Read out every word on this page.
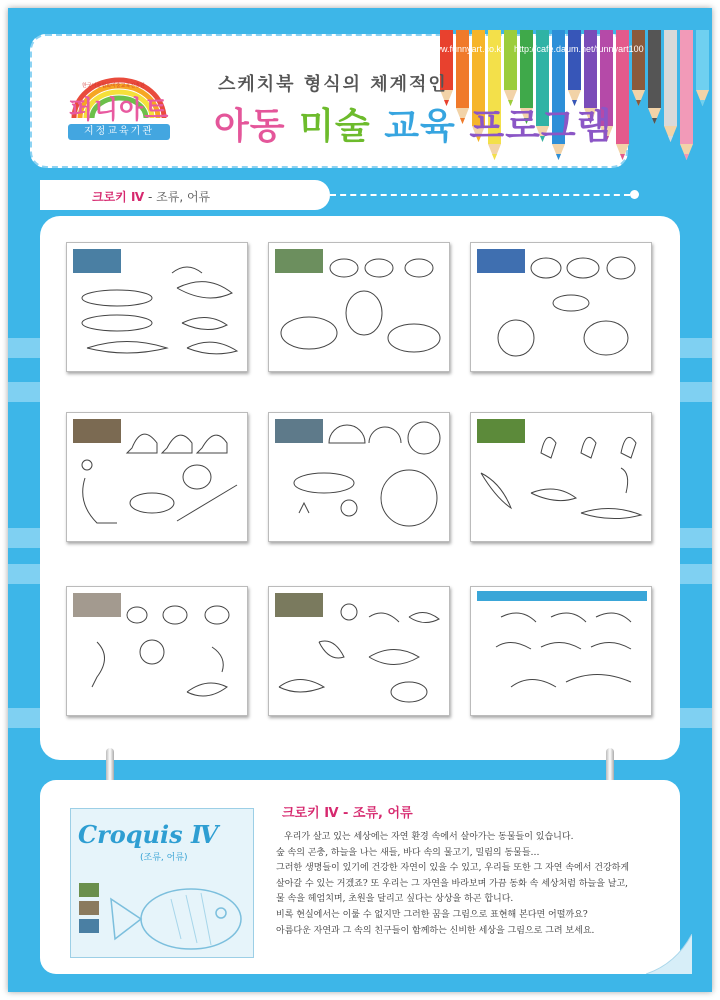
www.funnyart.co.kr http://cafe.daum.net/funnyart100
한국미술협회미술교육진흥원
퍼니아트
지정교육기관
스케치북 형식의 체계적인
아동 미술 교육 프로그램
크로키 Ⅳ - 조류, 어류
Croquis Ⅳ
(조류, 어류)
크로키 Ⅳ - 조류, 어류

우리가 살고 있는 세상에는 자연 환경 속에서 살아가는 동물들이 있습니다.

숲 속의 곤충, 하늘을 나는 새들, 바다 속의 물고기, 밀림의 동물들…

그러한 생명들이 있기에 건강한 자연이 있을 수 있고, 우리들 또한 그 자연 속에서 건강하게

살아갈 수 있는 거겠죠? 또 우리는 그 자연을 바라보며 가끔 동화 속 세상처럼 하늘을 날고,

물 속을 헤엄치며, 초원을 달리고 싶다는 상상을 하곤 합니다.

비록 현실에서는 이룰 수 없지만 그러한 꿈을 그림으로 표현해 본다면 어떨까요?

아름다운 자연과 그 속의 친구들이 함께하는 신비한 세상을 그림으로 그려 보세요.
